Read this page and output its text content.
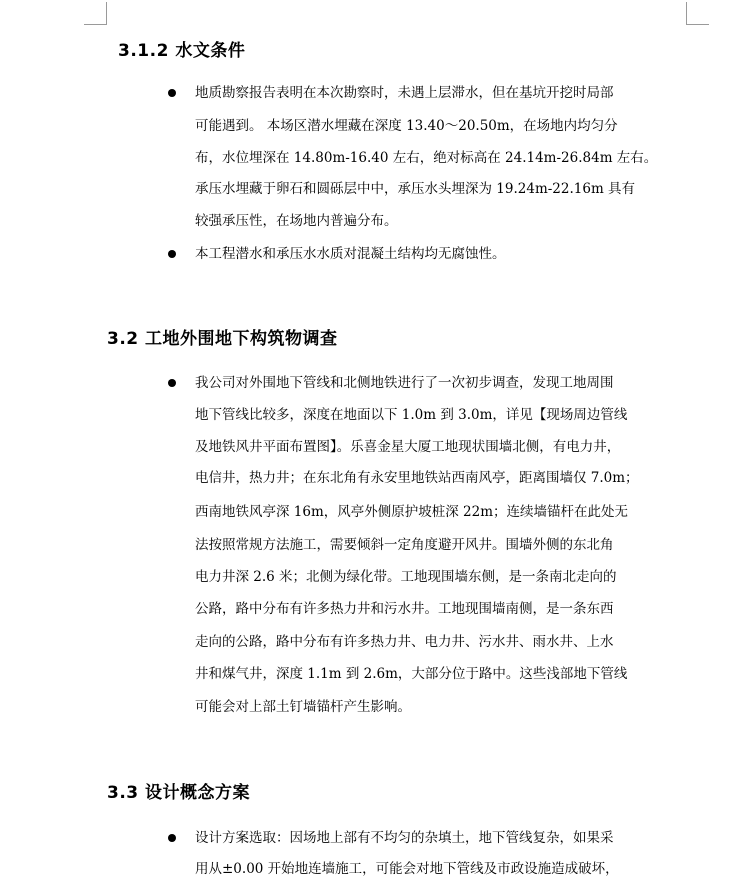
3.1.2 水文条件
地质勘察报告表明在本次勘察时，未遇上层滞水，但在基坑开挖时局部
可能遇到。 本场区潜水埋藏在深度 13.40～20.50m，在场地内均匀分
布，水位埋深在 14.80m-16.40 左右，绝对标高在 24.14m-26.84m 左右。
承压水埋藏于卵石和圆砾层中中，承压水头埋深为 19.24m-22.16m 具有
较强承压性，在场地内普遍分布。
本工程潜水和承压水水质对混凝土结构均无腐蚀性。
3.2 工地外围地下构筑物调查
我公司对外围地下管线和北侧地铁进行了一次初步调查，发现工地周围
地下管线比较多，深度在地面以下 1.0m 到 3.0m，详见【现场周边管线
及地铁风井平面布置图】。乐喜金星大厦工地现状围墙北侧，有电力井，
电信井，热力井；在东北角有永安里地铁站西南风亭，距离围墙仅 7.0m；
西南地铁风亭深 16m，风亭外侧原护坡桩深 22m；连续墙锚杆在此处无
法按照常规方法施工，需要倾斜一定角度避开风井。围墙外侧的东北角
电力井深 2.6 米；北侧为绿化带。工地现围墙东侧，是一条南北走向的
公路，路中分布有许多热力井和污水井。工地现围墙南侧，是一条东西
走向的公路，路中分布有许多热力井、电力井、污水井、雨水井、上水
井和煤气井，深度 1.1m 到 2.6m，大部分位于路中。这些浅部地下管线
可能会对上部土钉墙锚杆产生影响。
3.3 设计概念方案
设计方案选取：因场地上部有不均匀的杂填土，地下管线复杂，如果采
用从±0.00 开始地连墙施工，可能会对地下管线及市政设施造成破坏，
